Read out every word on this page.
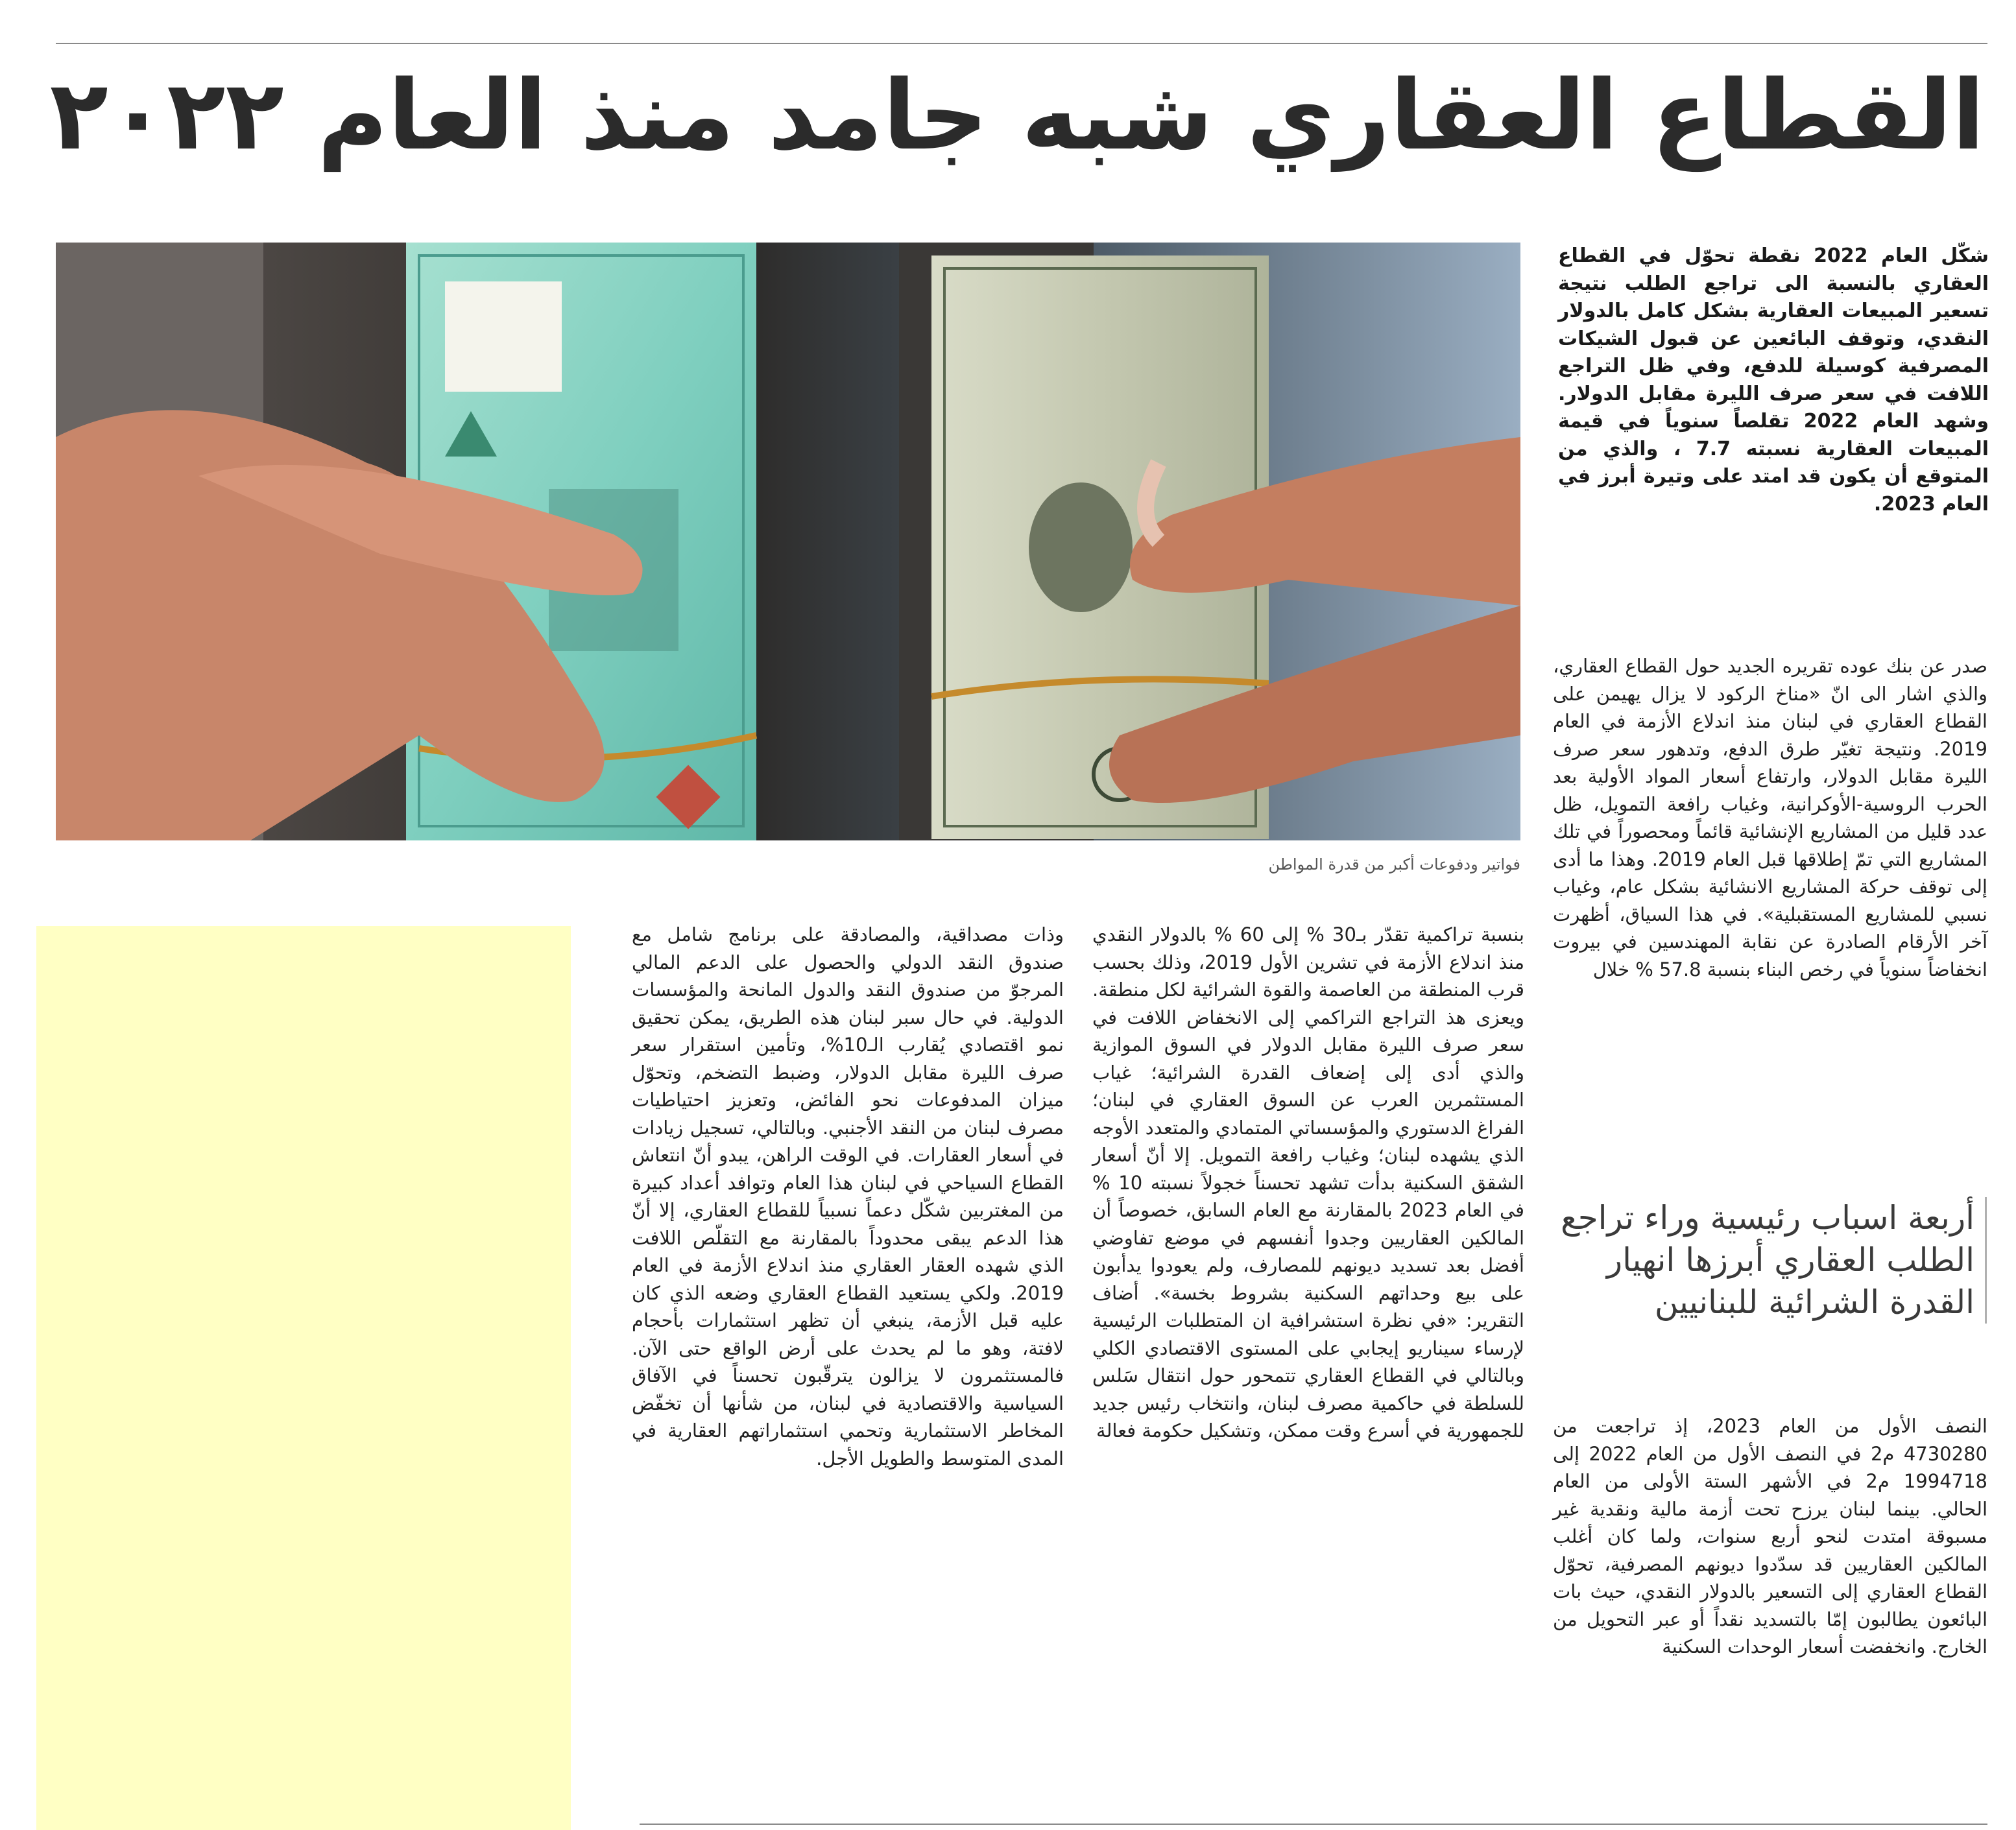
القطاع العقاري شبه جامد منذ العام ٢٠٢٢

فواتير ودفوعات أكبر من قدرة المواطن

شكّل العام 2022 نقطة تحوّل في القطاع العقاري بالنسبة الى تراجع الطلب نتيجة تسعير المبيعات العقارية بشكل كامل بالدولار النقدي، وتوقف البائعين عن قبول الشيكات المصرفية كوسيلة للدفع، وفي ظل التراجع اللافت في سعر صرف الليرة مقابل الدولار. وشهد العام 2022 تقلصاً سنوياً في قيمة المبيعات العقارية نسبته 7.7 ، والذي من المتوقع أن يكون قد امتد على وتيرة أبرز في العام 2023.

صدر عن بنك عوده تقريره الجديد حول القطاع العقاري، والذي اشار الى انّ «مناخ الركود لا يزال يهيمن على القطاع العقاري في لبنان منذ اندلاع الأزمة في العام 2019. ونتيجة تغيّر طرق الدفع، وتدهور سعر صرف الليرة مقابل الدولار، وارتفاع أسعار المواد الأولية بعد الحرب الروسية-الأوكرانية، وغياب رافعة التمويل، ظل عدد قليل من المشاريع الإنشائية قائماً ومحصوراً في تلك المشاريع التي تمّ إطلاقها قبل العام 2019. وهذا ما أدى إلى توقف حركة المشاريع الانشائية بشكل عام، وغياب نسبي للمشاريع المستقبلية». في هذا السياق، أظهرت آخر الأرقام الصادرة عن نقابة المهندسين في بيروت انخفاضاً سنوياً في رخص البناء بنسبة 57.8 % خلال

أربعة اسباب رئيسية وراء تراجع الطلب العقاري أبرزها انهيار القدرة الشرائية للبنانيين

النصف الأول من العام 2023، إذ تراجعت من 4730280 م2 في النصف الأول من العام 2022 إلى 1994718 م2 في الأشهر الستة الأولى من العام الحالي. بينما لبنان يرزح تحت أزمة مالية ونقدية غير مسبوقة امتدت لنحو أربع سنوات، ولما كان أغلب المالكين العقاريين قد سدّدوا ديونهم المصرفية، تحوّل القطاع العقاري إلى التسعير بالدولار النقدي، حيث بات البائعون يطالبون إمّا بالتسديد نقداً أو عبر التحويل من الخارج. وانخفضت أسعار الوحدات السكنية

بنسبة تراكمية تقدّر بـ30 % إلى 60 % بالدولار النقدي منذ اندلاع الأزمة في تشرين الأول 2019، وذلك بحسب قرب المنطقة من العاصمة والقوة الشرائية لكل منطقة. ويعزى هذ التراجع التراكمي إلى الانخفاض اللافت في سعر صرف الليرة مقابل الدولار في السوق الموازية والذي أدى إلى إضعاف القدرة الشرائية؛ غياب المستثمرين العرب عن السوق العقاري في لبنان؛ الفراغ الدستوري والمؤسساتي المتمادي والمتعدد الأوجه الذي يشهده لبنان؛ وغياب رافعة التمويل. إلا أنّ أسعار الشقق السكنية بدأت تشهد تحسناً خجولاً نسبته 10 % في العام 2023 بالمقارنة مع العام السابق، خصوصاً أن المالكين العقاريين وجدوا أنفسهم في موضع تفاوضي أفضل بعد تسديد ديونهم للمصارف، ولم يعودوا يدأبون على بيع وحداتهم السكنية بشروط بخسة». أضاف التقرير: «في نظرة استشرافية ان المتطلبات الرئيسية لإرساء سيناريو إيجابي على المستوى الاقتصادي الكلي وبالتالي في القطاع العقاري تتمحور حول انتقال سَلس للسلطة في حاكمية مصرف لبنان، وانتخاب رئيس جديد للجمهورية في أسرع وقت ممكن، وتشكيل حكومة فعالة

وذات مصداقية، والمصادقة على برنامج شامل مع صندوق النقد الدولي والحصول على الدعم المالي المرجوّ من صندوق النقد والدول المانحة والمؤسسات الدولية. في حال سبر لبنان هذه الطريق، يمكن تحقيق نمو اقتصادي يُقارب الـ10%، وتأمين استقرار سعر صرف الليرة مقابل الدولار، وضبط التضخم، وتحوّل ميزان المدفوعات نحو الفائض، وتعزيز احتياطيات مصرف لبنان من النقد الأجنبي. وبالتالي، تسجيل زيادات في أسعار العقارات. في الوقت الراهن، يبدو أنّ انتعاش القطاع السياحي في لبنان هذا العام وتوافد أعداد كبيرة من المغتربين شكّل دعماً نسبياً للقطاع العقاري، إلا أنّ هذا الدعم يبقى محدوداً بالمقارنة مع التقلّص اللافت الذي شهده العقار العقاري منذ اندلاع الأزمة في العام 2019. ولكي يستعيد القطاع العقاري وضعه الذي كان عليه قبل الأزمة، ينبغي أن تظهر استثمارات بأحجام لافتة، وهو ما لم يحدث على أرض الواقع حتى الآن. فالمستثمرون لا يزالون يترقّبون تحسناً في الآفاق السياسية والاقتصادية في لبنان، من شأنها أن تخفّض المخاطر الاستثمارية وتحمي استثماراتهم العقارية في المدى المتوسط والطويل الأجل.
